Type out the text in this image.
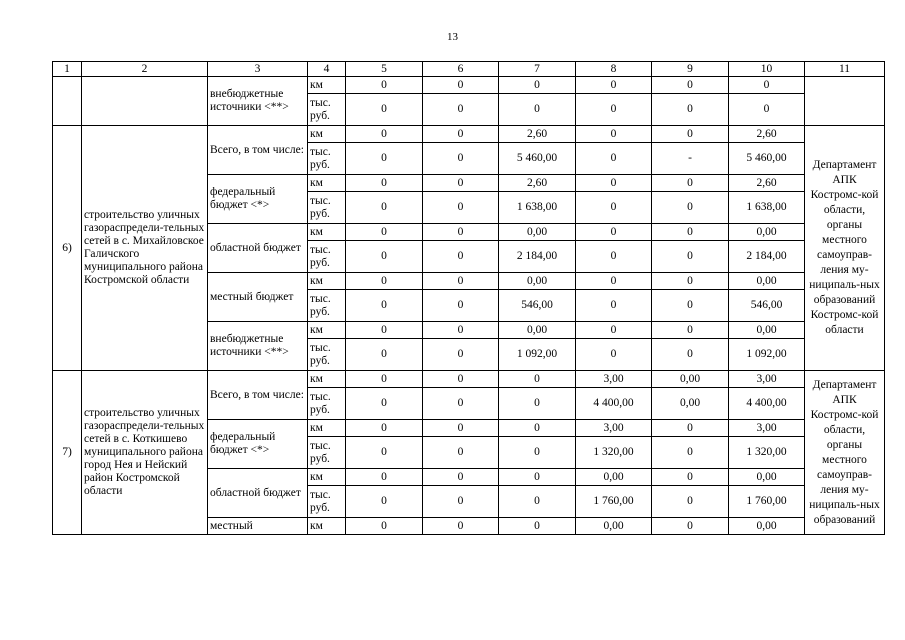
13
1	2	3	4	5	6	7	8	9	10	11
		внебюджетные источники <**>	км	0	0	0	0	0	0	
			тыс. руб.	0	0	0	0	0	0	
6)	строительство уличных газораспредели-тельных сетей в с. Михайловское Галичского муниципального района Костромской области	Всего, в том числе:	км	0	0	2,60	0	0	2,60	Департамент АПК Костромс-кой области, органы местного самоуправ-ления му-ниципаль-ных образований Костромс-кой области
			тыс. руб.	0	0	5 460,00	0	-	5 460,00	
		федеральный бюджет <*>	км	0	0	2,60	0	0	2,60	
			тыс. руб.	0	0	1 638,00	0	0	1 638,00	
		областной бюджет	км	0	0	0,00	0	0	0,00	
			тыс. руб.	0	0	2 184,00	0	0	2 184,00	
		местный бюджет	км	0	0	0,00	0	0	0,00	
			тыс. руб.	0	0	546,00	0	0	546,00	
		внебюджетные источники <**>	км	0	0	0,00	0	0	0,00	
			тыс. руб.	0	0	1 092,00	0	0	1 092,00	
7)	строительство уличных газораспредели-тельных сетей в с. Коткишево муниципального района город Нея и Нейский район Костромской области	Всего, в том числе:	км	0	0	0	3,00	0,00	3,00	Департамент АПК Костромс-кой области, органы местного самоуправ-ления му-ниципаль-ных образований
			тыс. руб.	0	0	0	4 400,00	0,00	4 400,00	
		федеральный бюджет <*>	км	0	0	0	3,00	0	3,00	
			тыс. руб.	0	0	0	1 320,00	0	1 320,00	
		областной бюджет	км	0	0	0	0,00	0	0,00	
			тыс. руб.	0	0	0	1 760,00	0	1 760,00	
		местный	км	0	0	0	0,00	0	0,00	
